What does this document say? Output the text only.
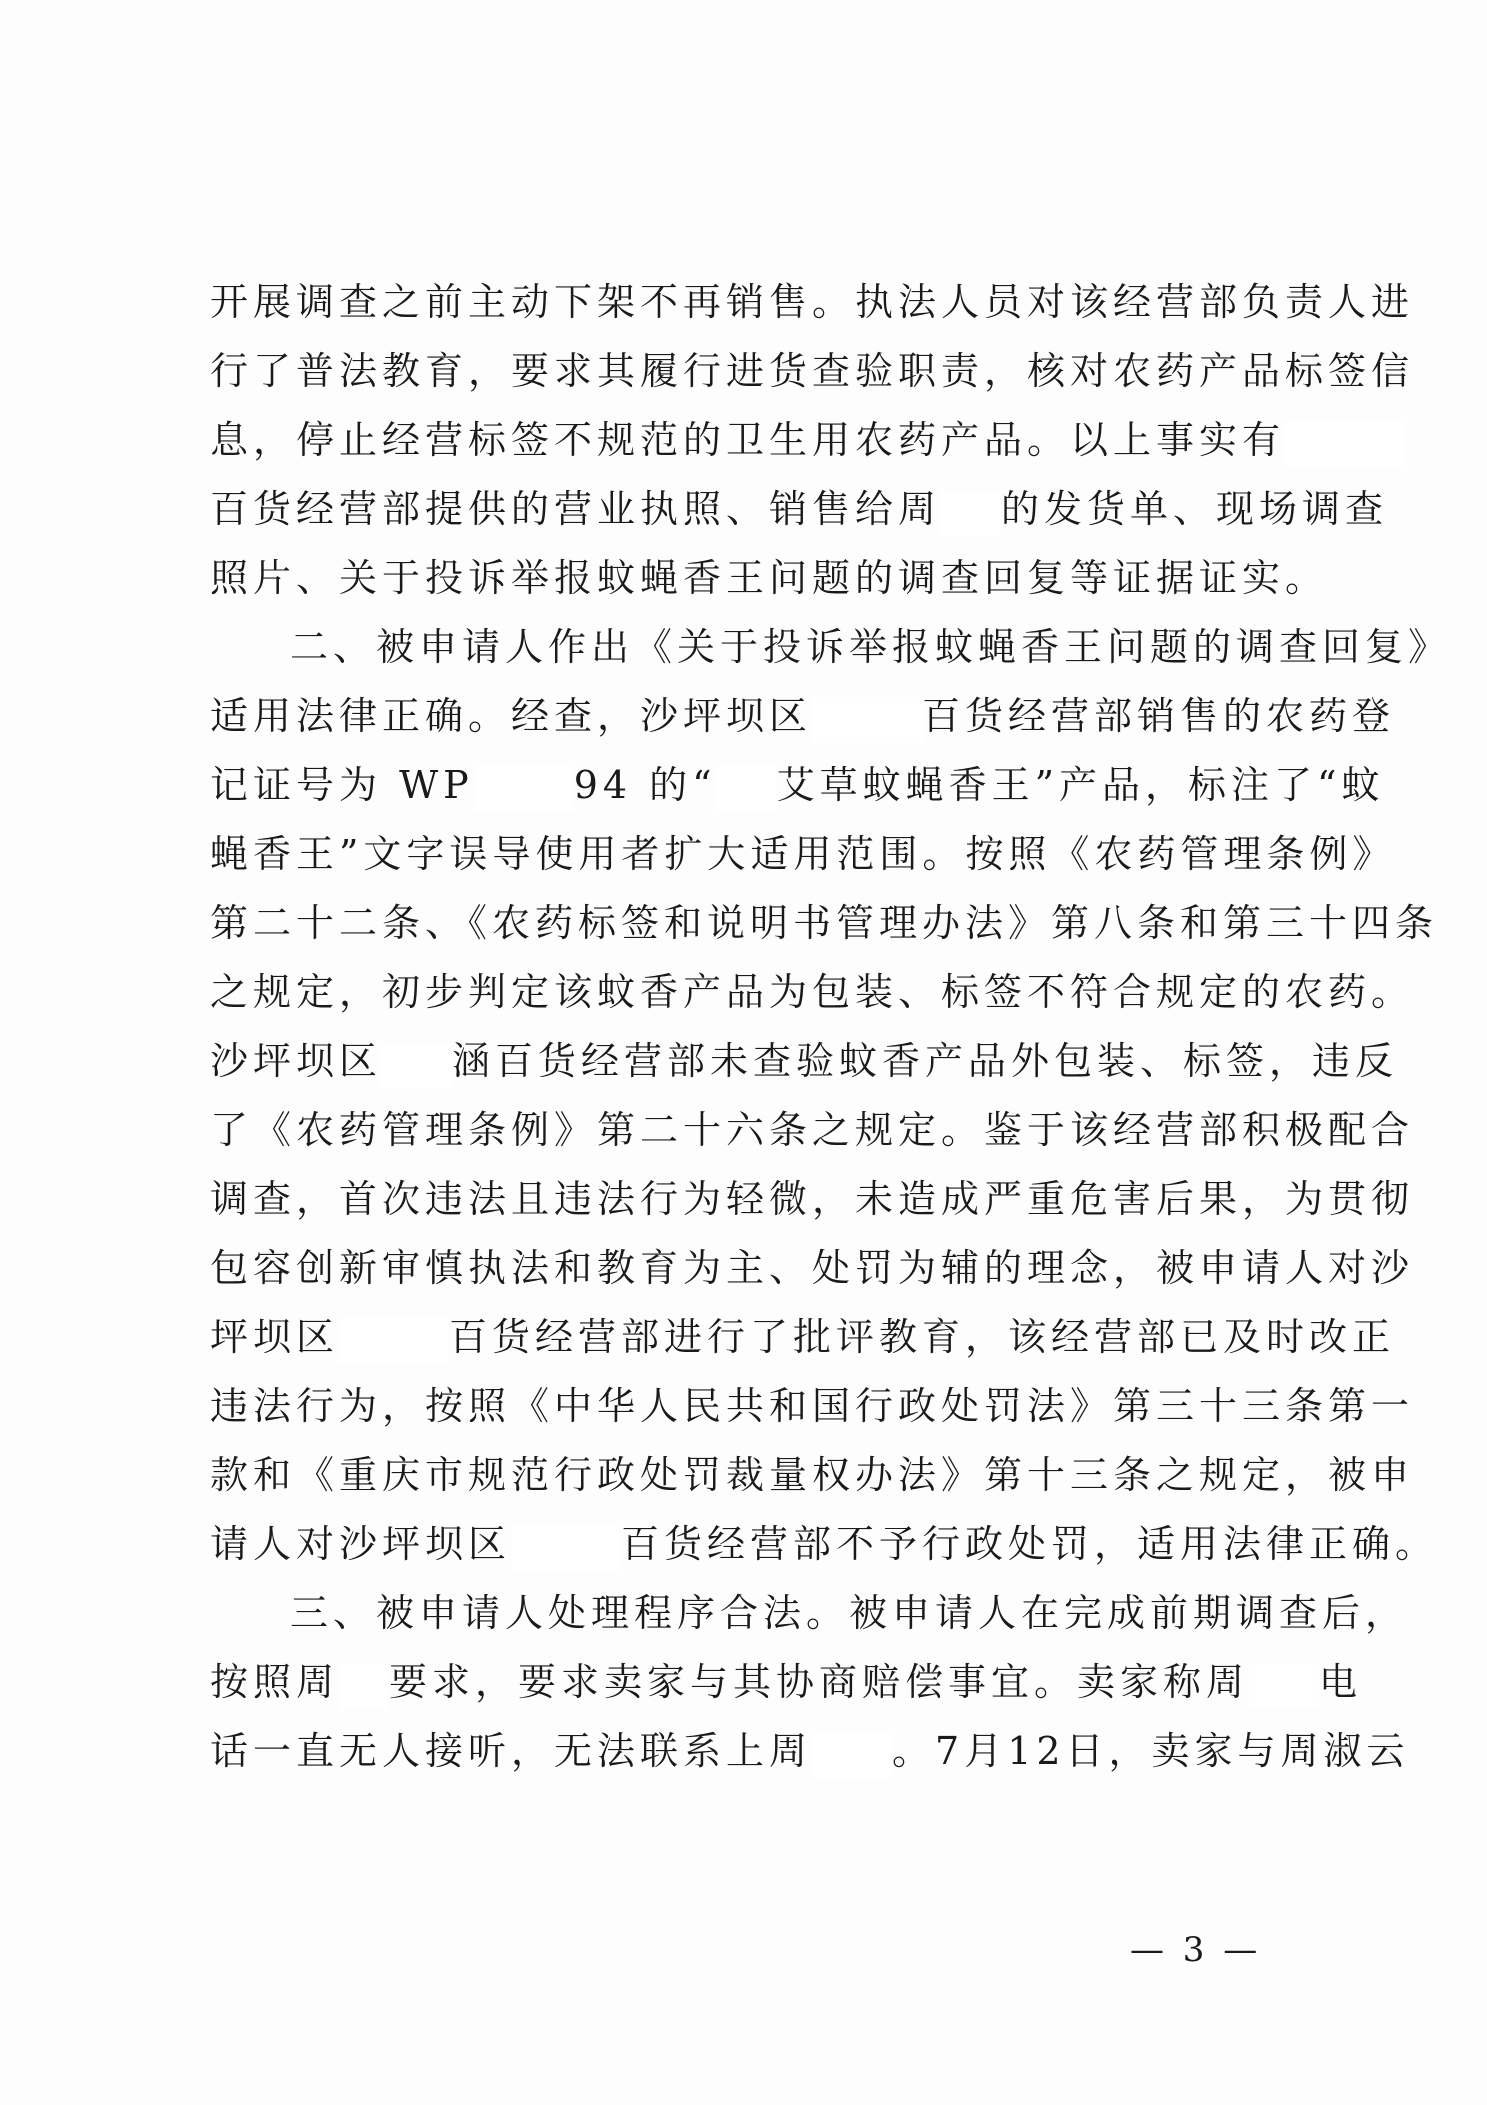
开展调查之前主动下架不再销售。执法人员对该经营部负责人进
行了普法教育，要求其履行进货查验职责，核对农药产品标签信
息，停止经营标签不规范的卫生用农药产品。以上事实有
百货经营部提供的营业执照、销售给周 的发货单、现场调查
照片、关于投诉举报蚊蝇香王问题的调查回复等证据证实。
二、被申请人作出《关于投诉举报蚊蝇香王问题的调查回复》
适用法律正确。经查，沙坪坝区	百货经营部销售的农药登
记证号为 WP	94 的“ 艾草蚊蝇香王”产品，标注了“蚊
蝇香王”文字误导使用者扩大适用范围。按照《农药管理条例》
第二十二条、《农药标签和说明书管理办法》第八条和第三十四条
之规定，初步判定该蚊香产品为包装、标签不符合规定的农药。
沙坪坝区 涵百货经营部未查验蚊香产品外包装、标签，违反
了《农药管理条例》第二十六条之规定。鉴于该经营部积极配合
调查，首次违法且违法行为轻微，未造成严重危害后果，为贯彻
包容创新审慎执法和教育为主、处罚为辅的理念，被申请人对沙
坪坝区	百货经营部进行了批评教育，该经营部已及时改正
违法行为，按照《中华人民共和国行政处罚法》第三十三条第一
款和《重庆市规范行政处罚裁量权办法》第十三条之规定，被申
请人对沙坪坝区	百货经营部不予行政处罚，适用法律正确。
三、被申请人处理程序合法。被申请人在完成前期调查后，
按照周 要求，要求卖家与其协商赔偿事宜。卖家称周 电
话一直无人接听，无法联系上周 。7月12日，卖家与周淑云
— 3 —
